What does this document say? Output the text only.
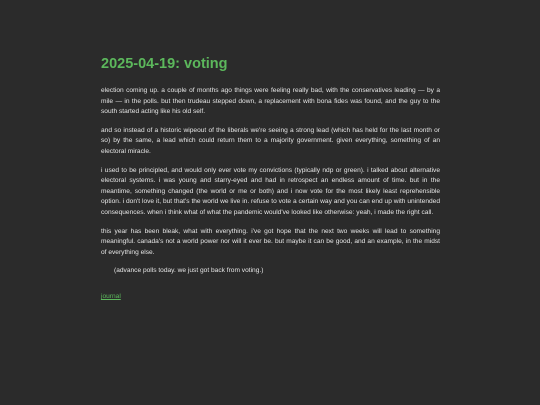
2025-04-19: voting

election coming up. a couple of months ago things were feeling really bad, with the conservatives leading — by a mile — in the polls. but then trudeau stepped down, a replacement with bona fides was found, and the guy to the south started acting like his old self.

and so instead of a historic wipeout of the liberals we're seeing a strong lead (which has held for the last month or so) by the same, a lead which could return them to a majority government. given everything, something of an electoral miracle.

i used to be principled, and would only ever vote my convictions (typically ndp or green). i talked about alternative electoral systems. i was young and starry-eyed and had in retrospect an endless amount of time. but in the meantime, something changed (the world or me or both) and i now vote for the most likely least reprehensible option. i don't love it, but that's the world we live in. refuse to vote a certain way and you can end up with unintended consequences. when i think what of what the pandemic would've looked like otherwise: yeah, i made the right call.

this year has been bleak, what with everything. i've got hope that the next two weeks will lead to something meaningful. canada's not a world power nor will it ever be. but maybe it can be good, and an example, in the midst of everything else.

(advance polls today. we just got back from voting.)

journal
